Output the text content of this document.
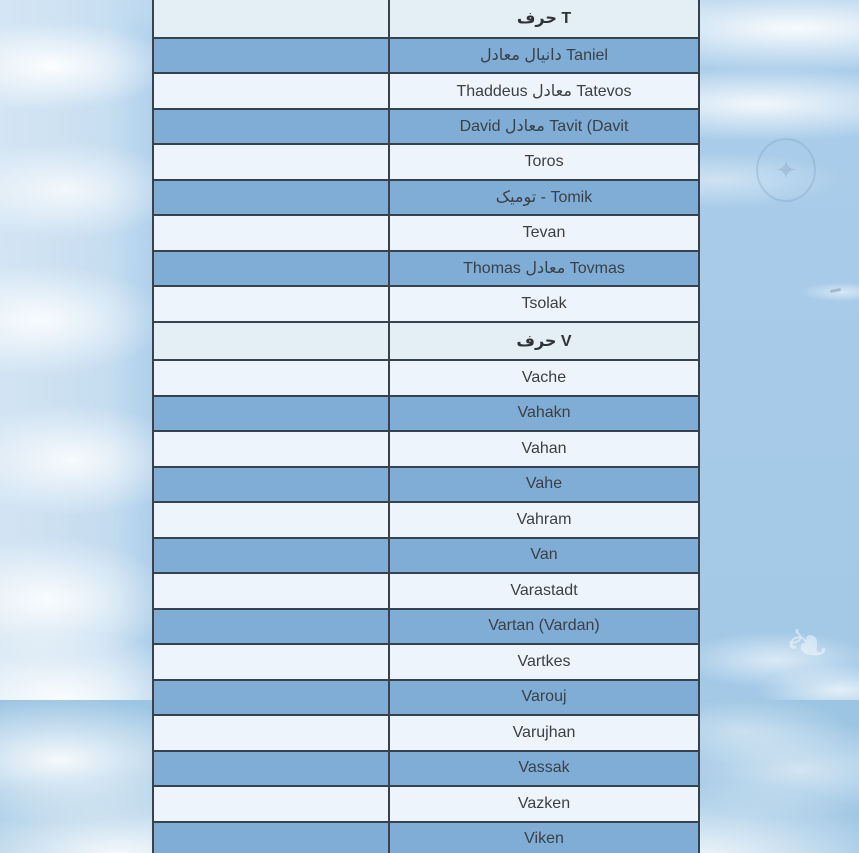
✦
❧
	حرف T
	دانیال معادل Taniel
	Thaddeus معادل Tatevos
	David معادل Tavit (Davit
	Toros
	تومیک - Tomik
	Tevan
	Thomas معادل Tovmas
	Tsolak
	حرف V
	Vache
	Vahakn
	Vahan
	Vahe
	Vahram
	Van
	Varastadt
	Vartan (Vardan)
	Vartkes
	Varouj
	Varujhan
	Vassak
	Vazken
	Viken
